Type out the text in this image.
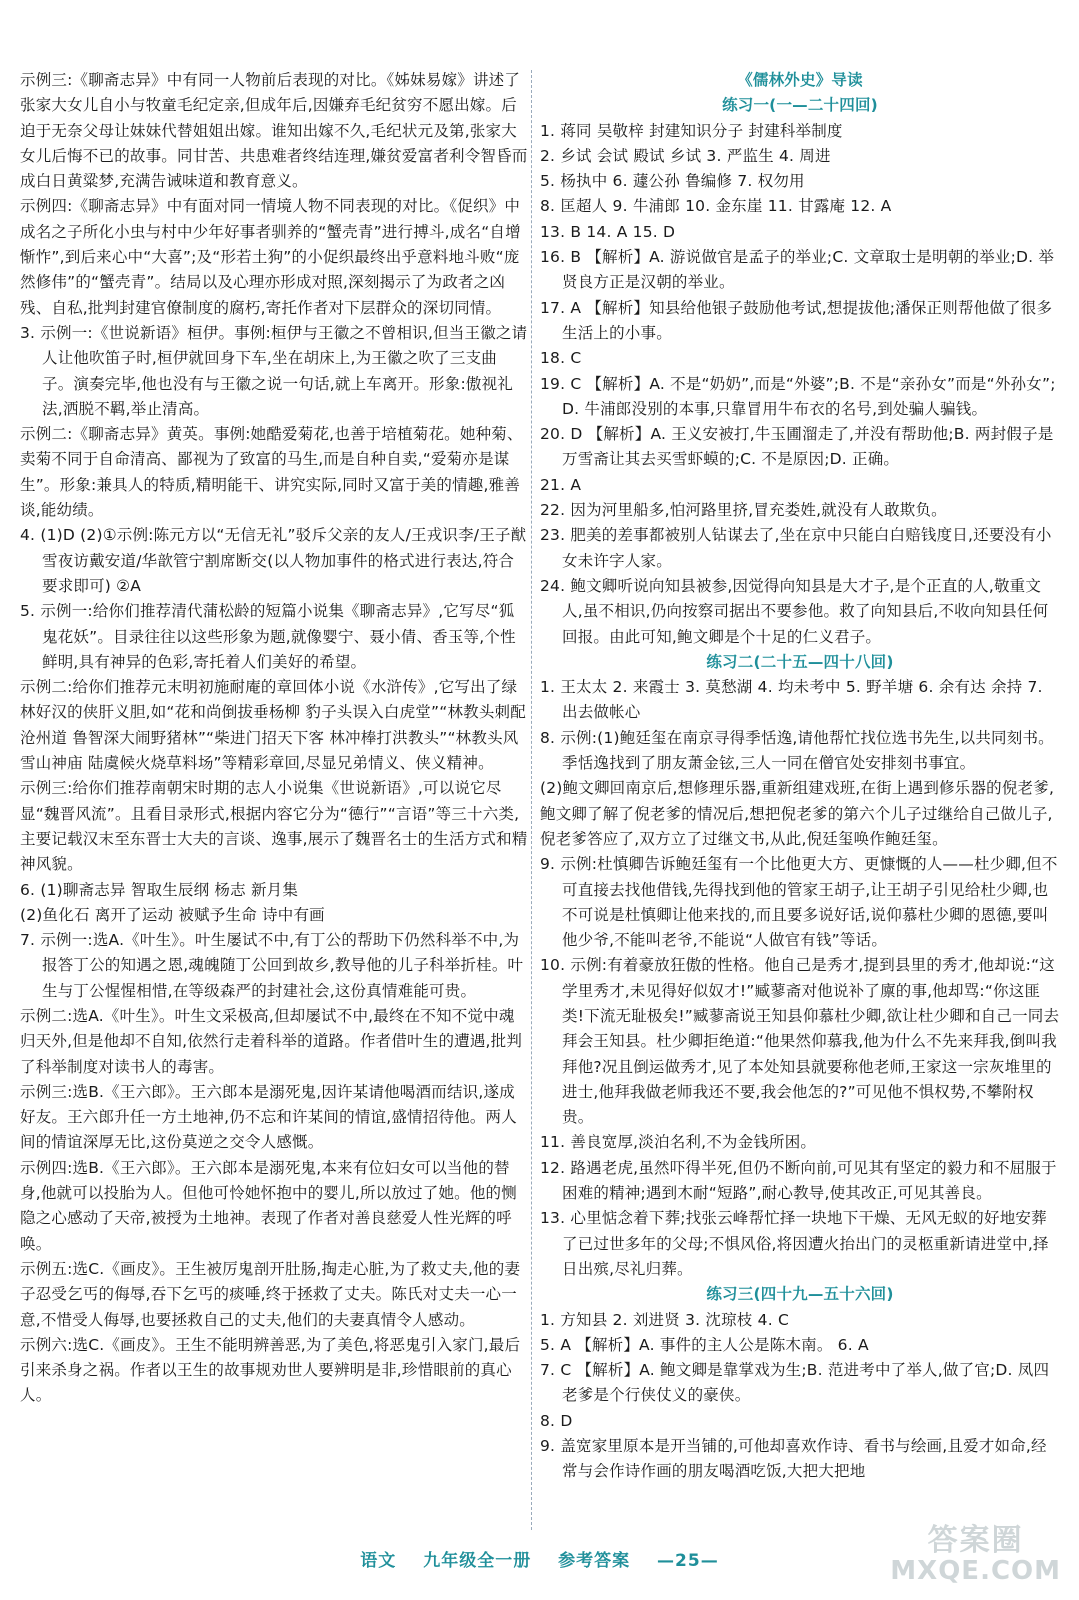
示例三:《聊斋志异》中有同一人物前后表现的对比。《姊妹易嫁》讲述了张家大女儿自小与牧童毛纪定亲,但成年后,因嫌弃毛纪贫穷不愿出嫁。后迫于无奈父母让妹妹代替姐姐出嫁。谁知出嫁不久,毛纪状元及第,张家大女儿后悔不已的故事。同甘苦、共患难者终结连理,嫌贫爱富者利令智昏而成白日黄粱梦,充满告诫味道和教育意义。

示例四:《聊斋志异》中有面对同一情境人物不同表现的对比。《促织》中成名之子所化小虫与村中少年好事者驯养的“蟹壳青”进行搏斗,成名“自增惭怍”,到后来心中“大喜”;及“形若土狗”的小促织最终出乎意料地斗败“庞然修伟”的“蟹壳青”。结局以及心理亦形成对照,深刻揭示了为政者之凶残、自私,批判封建官僚制度的腐朽,寄托作者对下层群众的深切同情。

3. 示例一:《世说新语》桓伊。事例:桓伊与王徽之不曾相识,但当王徽之请人让他吹笛子时,桓伊就回身下车,坐在胡床上,为王徽之吹了三支曲子。演奏完毕,他也没有与王徽之说一句话,就上车离开。形象:傲视礼法,洒脱不羁,举止清高。

示例二:《聊斋志异》黄英。事例:她酷爱菊花,也善于培植菊花。她种菊、卖菊不同于自命清高、鄙视为了致富的马生,而是自种自卖,“爱菊亦是谋生”。形象:兼具人的特质,精明能干、讲究实际,同时又富于美的情趣,雅善谈,能幼绩。

4. (1)D (2)①示例:陈元方以“无信无礼”驳斥父亲的友人/王戎识李/王子猷雪夜访戴安道/华歆管宁割席断交(以人物加事件的格式进行表达,符合要求即可) ②A

5. 示例一:给你们推荐清代蒲松龄的短篇小说集《聊斋志异》,它写尽“狐鬼花妖”。目录往往以这些形象为题,就像婴宁、聂小倩、香玉等,个性鲜明,具有神异的色彩,寄托着人们美好的希望。

示例二:给你们推荐元末明初施耐庵的章回体小说《水浒传》,它写出了绿林好汉的侠肝义胆,如“花和尚倒拔垂杨柳 豹子头误入白虎堂”“林教头刺配沧州道 鲁智深大闹野猪林”“柴进门招天下客 林冲棒打洪教头”“林教头风雪山神庙 陆虞候火烧草料场”等精彩章回,尽显兄弟情义、侠义精神。

示例三:给你们推荐南朝宋时期的志人小说集《世说新语》,可以说它尽显“魏晋风流”。且看目录形式,根据内容它分为“德行”“言语”等三十六类,主要记载汉末至东晋士大夫的言谈、逸事,展示了魏晋名士的生活方式和精神风貌。

6. (1)聊斋志异 智取生辰纲 杨志 新月集

(2)鱼化石 离开了运动 被赋予生命 诗中有画

7. 示例一:选A.《叶生》。叶生屡试不中,有丁公的帮助下仍然科举不中,为报答丁公的知遇之恩,魂魄随丁公回到故乡,教导他的儿子科举折桂。叶生与丁公惺惺相惜,在等级森严的封建社会,这份真情难能可贵。

示例二:选A.《叶生》。叶生文采极高,但却屡试不中,最终在不知不觉中魂归天外,但是他却不自知,依然行走着科举的道路。作者借叶生的遭遇,批判了科举制度对读书人的毒害。

示例三:选B.《王六郎》。王六郎本是溺死鬼,因许某请他喝酒而结识,遂成好友。王六郎升任一方土地神,仍不忘和许某间的情谊,盛情招待他。两人间的情谊深厚无比,这份莫逆之交令人感慨。

示例四:选B.《王六郎》。王六郎本是溺死鬼,本来有位妇女可以当他的替身,他就可以投胎为人。但他可怜她怀抱中的婴儿,所以放过了她。他的恻隐之心感动了天帝,被授为土地神。表现了作者对善良慈爱人性光辉的呼唤。

示例五:选C.《画皮》。王生被厉鬼剖开肚肠,掏走心脏,为了救丈夫,他的妻子忍受乞丐的侮辱,吞下乞丐的痰唾,终于拯救了丈夫。陈氏对丈夫一心一意,不惜受人侮辱,也要拯救自己的丈夫,他们的夫妻真情令人感动。

示例六:选C.《画皮》。王生不能明辨善恶,为了美色,将恶鬼引入家门,最后引来杀身之祸。作者以王生的故事规劝世人要辨明是非,珍惜眼前的真心人。

《儒林外史》导读

练习一(一—二十四回)

1. 蒋同 吴敬梓 封建知识分子 封建科举制度

2. 乡试 会试 殿试 乡试 3. 严监生 4. 周进

5. 杨执中 6. 蘧公孙 鲁编修 7. 权勿用

8. 匡超人 9. 牛浦郎 10. 金东崖 11. 甘露庵 12. A

13. B 14. A 15. D

16. B 【解析】A. 游说做官是孟子的举业;C. 文章取士是明朝的举业;D. 举贤良方正是汉朝的举业。

17. A 【解析】知县给他银子鼓励他考试,想提拔他;潘保正则帮他做了很多生活上的小事。

18. C

19. C 【解析】A. 不是“奶奶”,而是“外婆”;B. 不是“亲孙女”而是“外孙女”;D. 牛浦郎没别的本事,只靠冒用牛布衣的名号,到处骗人骗钱。

20. D 【解析】A. 王义安被打,牛玉圃溜走了,并没有帮助他;B. 两封假子是万雪斋让其去买雪虾蟆的;C. 不是原因;D. 正确。

21. A

22. 因为河里船多,怕河路里挤,冒充娄姓,就没有人敢欺负。

23. 肥美的差事都被别人钻谋去了,坐在京中只能白白赔钱度日,还要没有小女未许字人家。

24. 鲍文卿听说向知县被参,因觉得向知县是大才子,是个正直的人,敬重文人,虽不相识,仍向按察司据出不要参他。救了向知县后,不收向知县任何回报。由此可知,鲍文卿是个十足的仁义君子。

练习二(二十五—四十八回)

1. 王太太 2. 来霞士 3. 莫愁湖 4. 均未考中 5. 野羊塘 6. 余有达 余持 7. 出去做帐心

8. 示例:(1)鲍廷玺在南京寻得季恬逸,请他帮忙找位选书先生,以共同刻书。季恬逸找到了朋友萧金铉,三人一同在僧官处安排刻书事宜。

(2)鲍文卿回南京后,想修理乐器,重新组建戏班,在街上遇到修乐器的倪老爹,鲍文卿了解了倪老爹的情况后,想把倪老爹的第六个儿子过继给自己做儿子,倪老爹答应了,双方立了过继文书,从此,倪廷玺唤作鲍廷玺。

9. 示例:杜慎卿告诉鲍廷玺有一个比他更大方、更慷慨的人——杜少卿,但不可直接去找他借钱,先得找到他的管家王胡子,让王胡子引见给杜少卿,也不可说是杜慎卿让他来找的,而且要多说好话,说仰慕杜少卿的恩德,要叫他少爷,不能叫老爷,不能说“人做官有钱”等话。

10. 示例:有着豪放狂傲的性格。他自己是秀才,提到县里的秀才,他却说:“这学里秀才,未见得好似奴才!”臧蓼斋对他说补了廪的事,他却骂:“你这匪类!下流无耻极矣!”臧蓼斋说王知县仰慕杜少卿,欲让杜少卿和自己一同去拜会王知县。杜少卿拒绝道:“他果然仰慕我,他为什么不先来拜我,倒叫我拜他?况且倒运做秀才,见了本处知县就要称他老师,王家这一宗灰堆里的进士,他拜我做老师我还不要,我会他怎的?”可见他不惧权势,不攀附权贵。

11. 善良宽厚,淡泊名利,不为金钱所困。

12. 路遇老虎,虽然吓得半死,但仍不断向前,可见其有坚定的毅力和不屈服于困难的精神;遇到木耐“短路”,耐心教导,使其改正,可见其善良。

13. 心里惦念着下葬;找张云峰帮忙择一块地下干燥、无风无蚁的好地安葬了已过世多年的父母;不惧风俗,将因遭火抬出门的灵柩重新请进堂中,择日出殡,尽礼归葬。

练习三(四十九—五十六回)

1. 方知县 2. 刘进贤 3. 沈琼枝 4. C

5. A 【解析】A. 事件的主人公是陈木南。 6. A

7. C 【解析】A. 鲍文卿是靠掌戏为生;B. 范进考中了举人,做了官;D. 凤四老爹是个行侠仗义的豪侠。

8. D

9. 盖宽家里原本是开当铺的,可他却喜欢作诗、看书与绘画,且爱才如命,经常与会作诗作画的朋友喝酒吃饭,大把大把地

语文 九年级全一册 参考答案 —25—
答案圈
MXQE.COM
